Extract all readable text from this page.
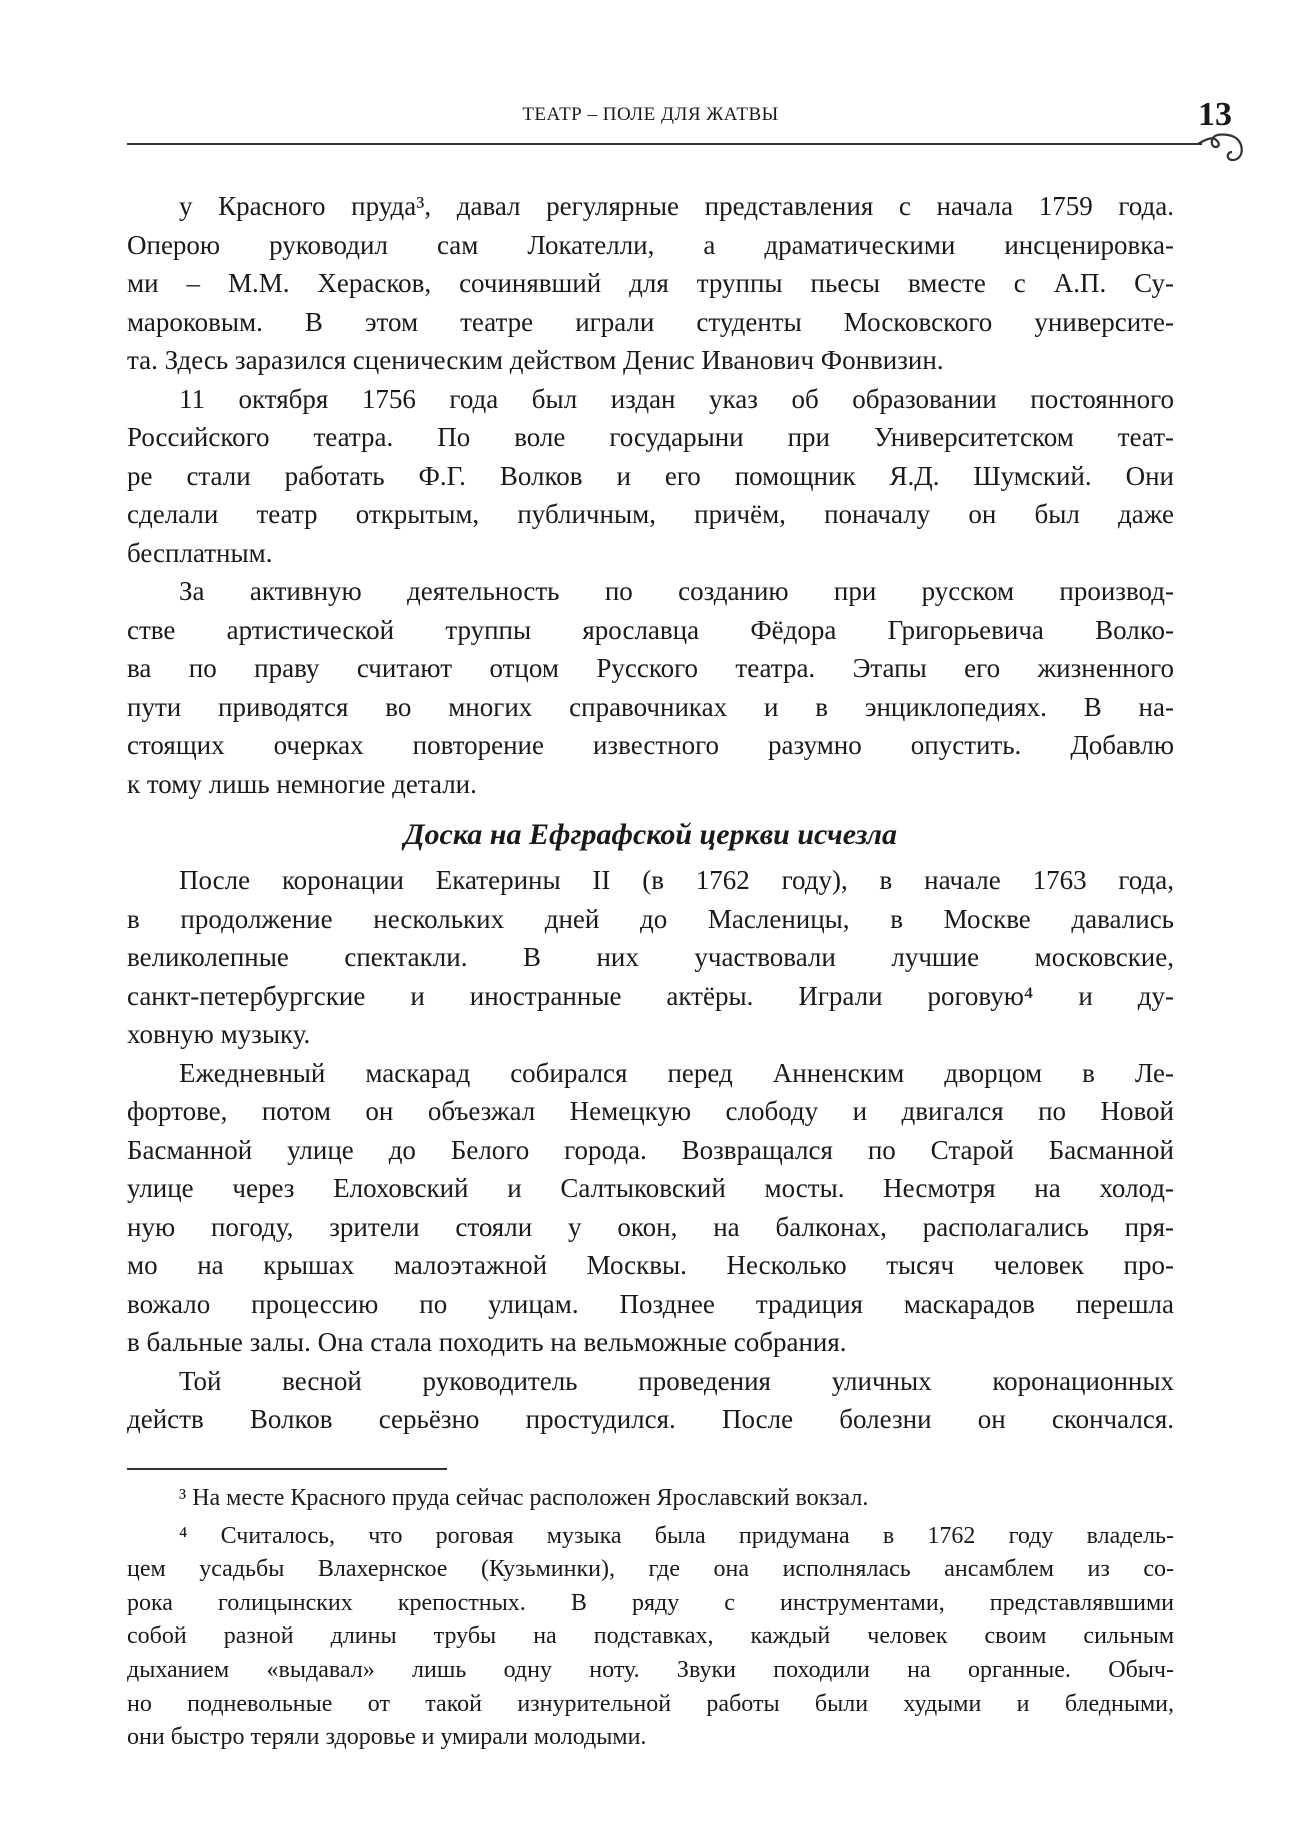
ТЕАТР – ПОЛЕ ДЛЯ ЖАТВЫ	13
у Красного пруда³, давал регулярные представления с начала 1759 года.
Оперою руководил сам Локателли, а драматическими инсценировка-
ми – М.М. Херасков, сочинявший для труппы пьесы вместе с А.П. Су-
мароковым. В этом театре играли студенты Московского университе-
та. Здесь заразился сценическим действом Денис Иванович Фонвизин.
11 октября 1756 года был издан указ об образовании постоянного
Российского театра. По воле государыни при Университетском теат-
ре стали работать Ф.Г. Волков и его помощник Я.Д. Шумский. Они
сделали театр открытым, публичным, причём, поначалу он был даже
бесплатным.
За активную деятельность по созданию при русском производ-
стве артистической труппы ярославца Фёдора Григорьевича Волко-
ва по праву считают отцом Русского театра. Этапы его жизненного
пути приводятся во многих справочниках и в энциклопедиях. В на-
стоящих очерках повторение известного разумно опустить. Добавлю
к тому лишь немногие детали.
Доска на Ефграфской церкви исчезла
После коронации Екатерины II (в 1762 году), в начале 1763 года,
в продолжение нескольких дней до Масленицы, в Москве давались
великолепные спектакли. В них участвовали лучшие московские,
санкт-петербургские и иностранные актёры. Играли роговую⁴ и ду-
ховную музыку.
Ежедневный маскарад собирался перед Анненским дворцом в Ле-
фортове, потом он объезжал Немецкую слободу и двигался по Новой
Басманной улице до Белого города. Возвращался по Старой Басманной
улице через Елоховский и Салтыковский мосты. Несмотря на холод-
ную погоду, зрители стояли у окон, на балконах, располагались пря-
мо на крышах малоэтажной Москвы. Несколько тысяч человек про-
вожало процессию по улицам. Позднее традиция маскарадов перешла
в бальные залы. Она стала походить на вельможные собрания.
Той весной руководитель проведения уличных коронационных
действ Волков серьёзно простудился. После болезни он скончался.
³ На месте Красного пруда сейчас расположен Ярославский вокзал.
⁴ Считалось, что роговая музыка была придумана в 1762 году владель-
цем усадьбы Влахернское (Кузьминки), где она исполнялась ансамблем из со-
рока голицынских крепостных. В ряду с инструментами, представлявшими
собой разной длины трубы на подставках, каждый человек своим сильным
дыханием «выдавал» лишь одну ноту. Звуки походили на органные. Обыч-
но подневольные от такой изнурительной работы были худыми и бледными,
они быстро теряли здоровье и умирали молодыми.
